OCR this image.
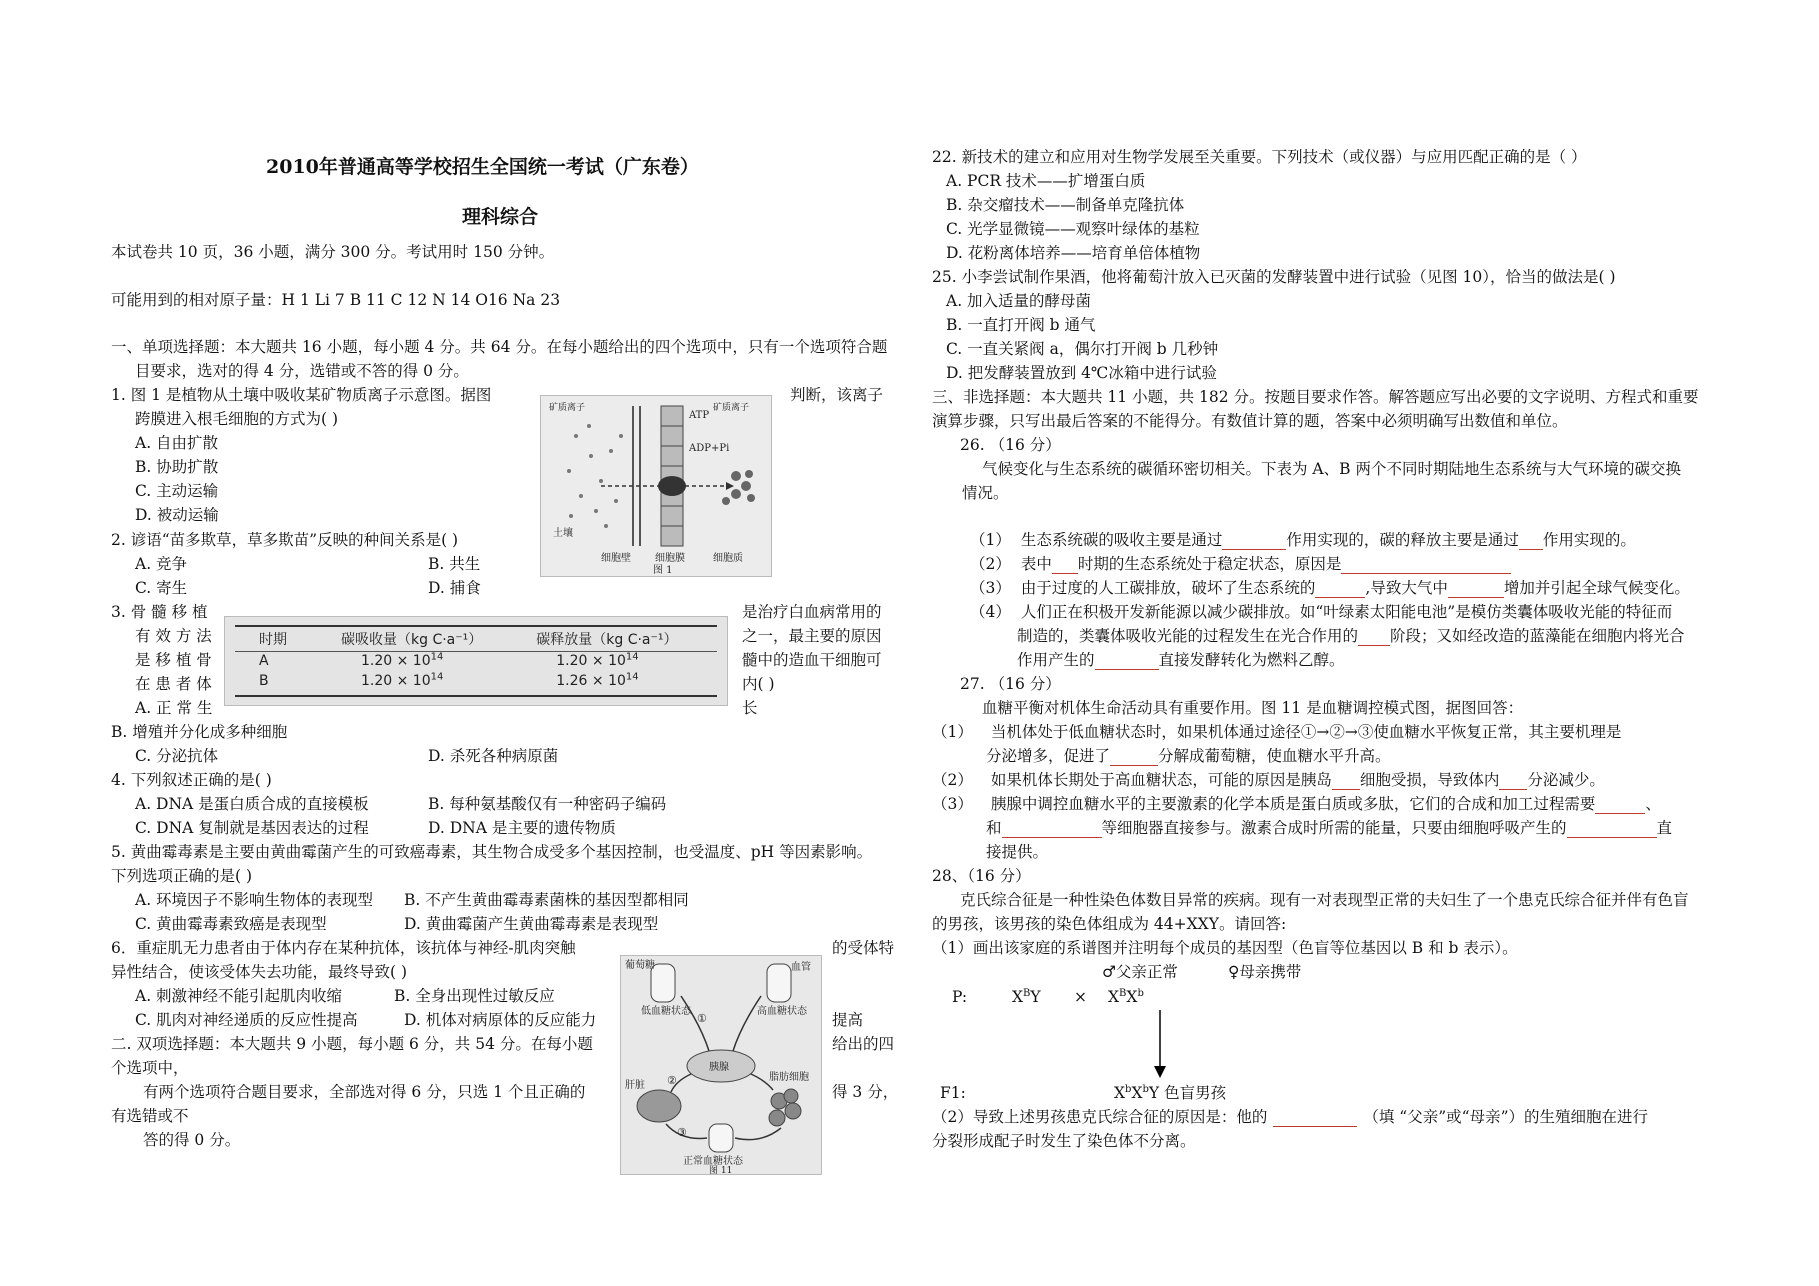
2010年普通高等学校招生全国统一考试（广东卷）
理科综合
本试卷共 10 页，36 小题，满分 300 分。考试用时 150 分钟。
可能用到的相对原子量：H 1 Li 7 B 11 C 12 N 14 O16 Na 23
一、单项选择题：本大题共 16 小题，每小题 4 分。共 64 分。在每小题给出的四个选项中，只有一个选项符合题
目要求，选对的得 4 分，选错或不答的得 0 分。
1. 图 1 是植物从土壤中吸收某矿物质离子示意图。据图	判断，该离子
跨膜进入根毛细胞的方式为( )
A. 自由扩散
B. 协助扩散
C. 主动运输
D. 被动运输
ATP
ADP+Pi
矿质离子	矿质离子
土壤
细胞壁 细胞膜	细胞质
图 1
2. 谚语“苗多欺草，草多欺苗”反映的种间关系是( )
A. 竞争	B. 共生
C. 寄生	D. 捕食
3. 骨 髓 移 植	是治疗白血病常用的
有 效 方 法	之一，最主要的原因
是 移 植 骨	髓中的造血干细胞可
在 患 者 体	内( )
A. 正 常 生	长
B. 增殖并分化成多种细胞
C. 分泌抗体	D. 杀死各种病原菌
时期	碳吸收量（kg C·a⁻¹）	碳释放量（kg C·a⁻¹）
A	$1.20 \times 10^{14}$	$1.20 \times 10^{14}$
B	$1.20 \times 10^{14}$	$1.26 \times 10^{14}$
4. 下列叙述正确的是( )
A. DNA 是蛋白质合成的直接模板	B. 每种氨基酸仅有一种密码子编码
C. DNA 复制就是基因表达的过程	D. DNA 是主要的遗传物质
5. 黄曲霉毒素是主要由黄曲霉菌产生的可致癌毒素，其生物合成受多个基因控制，也受温度、pH 等因素影响。
下列选项正确的是( )
A. 环境因子不影响生物体的表现型 B. 不产生黄曲霉毒素菌株的基因型都相同
C. 黄曲霉毒素致癌是表现型	D. 黄曲霉菌产生黄曲霉毒素是表现型
6．重症肌无力患者由于体内存在某种抗体，该抗体与神经-肌肉突触	的受体特
异性结合，使该受体失去功能，最终导致( )
A. 刺激神经不能引起肌肉收缩	B. 全身出现性过敏反应
C. 肌肉对神经递质的反应性提高	D. 机体对病原体的反应能力	提高
二. 双项选择题：本大题共 9 小题，每小题 6 分，共 54 分。在每小题	给出的四
个选项中，
有两个选项符合题目要求，全部选对得 6 分，只选 1 个且正确的	得 3 分，
有选错或不
答的得 0 分。
葡萄糖	血管
低血糖状态	高血糖状态
胰腺
肝脏
脂肪细胞
正常血糖状态
图 11
①
②
③
22. 新技术的建立和应用对生物学发展至关重要。下列技术（或仪器）与应用匹配正确的是（ ）
A. PCR 技术——扩增蛋白质
B. 杂交瘤技术——制备单克隆抗体
C. 光学显微镜——观察叶绿体的基粒
D. 花粉离体培养——培育单倍体植物
25. 小李尝试制作果酒，他将葡萄汁放入已灭菌的发酵装置中进行试验（见图 10），恰当的做法是( )
A. 加入适量的酵母菌
B. 一直打开阀 b 通气
C. 一直关紧阀 a，偶尔打开阀 b 几秒钟
D. 把发酵装置放到 4℃冰箱中进行试验
三、非选择题：本大题共 11 小题，共 182 分。按题目要求作答。解答题应写出必要的文字说明、方程式和重要
演算步骤，只写出最后答案的不能得分。有数值计算的题，答案中必须明确写出数值和单位。
26. （16 分）
气候变化与生态系统的碳循环密切相关。下表为 A、B 两个不同时期陆地生态系统与大气环境的碳交换
情况。
（1） 生态系统碳的吸收主要是通过	作用实现的，碳的释放主要是通过 作用实现的。
（2） 表中 时期的生态系统处于稳定状态，原因是
（3） 由于过度的人工碳排放，破坏了生态系统的	,导致大气中	增加并引起全球气候变化。
（4） 人们正在积极开发新能源以减少碳排放。如“叶绿素太阳能电池”是模仿类囊体吸收光能的特征而
制造的，类囊体吸收光能的过程发生在光合作用的 阶段；又如经改造的蓝藻能在细胞内将光合
作用产生的	直接发酵转化为燃料乙醇。
27. （16 分）
血糖平衡对机体生命活动具有重要作用。图 11 是血糖调控模式图，据图回答：
（1） 当机体处于低血糖状态时，如果机体通过途径①→②→③使血糖水平恢复正常，其主要机理是
分泌增多，促进了	分解成葡萄糖，使血糖水平升高。
（2） 如果机体长期处于高血糖状态，可能的原因是胰岛 细胞受损，导致体内 分泌减少。
（3） 胰腺中调控血糖水平的主要激素的化学本质是蛋白质或多肽，它们的合成和加工过程需要	、
和	等细胞器直接参与。激素合成时所需的能量，只要由细胞呼吸产生的	直
接提供。
28、（16 分）
克氏综合征是一种性染色体数目异常的疾病。现有一对表现型正常的夫妇生了一个患克氏综合征并伴有色盲
的男孩，该男孩的染色体组成为 44+XXY。请回答:
（1）画出该家庭的系谱图并注明每个成员的基因型（色盲等位基因以 B 和 b 表示）。
♂父亲正常	♀母亲携带
P:	$X^BY \times X^BX^b$
F1:	$X^bX^bY$ 色盲男孩
（2）导致上述男孩患克氏综合征的原因是：他的	（填 “父亲”或“母亲”）的生殖细胞在进行
分裂形成配子时发生了染色体不分离。
